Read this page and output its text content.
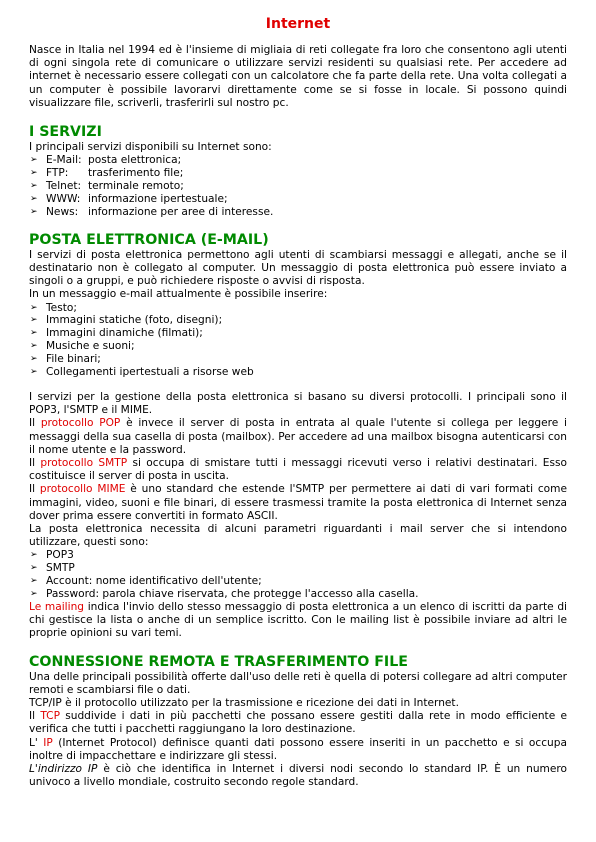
Internet

Nasce in Italia nel 1994 ed è l'insieme di migliaia di reti collegate fra loro che consentono agli utenti di ogni singola rete di comunicare o utilizzare servizi residenti su qualsiasi rete. Per accedere ad internet è necessario essere collegati con un calcolatore che fa parte della rete. Una volta collegati a un computer è possibile lavorarvi direttamente come se si fosse in locale. Si possono quindi visualizzare file, scriverli, trasferirli sul nostro pc.

I SERVIZI

I principali servizi disponibili su Internet sono:

➢ E-Mail: posta elettronica;
➢ FTP: trasferimento file;
➢ Telnet: terminale remoto;
➢ WWW: informazione ipertestuale;
➢ News: informazione per aree di interesse.
POSTA ELETTRONICA (E-MAIL)

I servizi di posta elettronica permettono agli utenti di scambiarsi messaggi e allegati, anche se il destinatario non è collegato al computer. Un messaggio di posta elettronica può essere inviato a singoli o a gruppi, e può richiedere risposte o avvisi di risposta.

In un messaggio e-mail attualmente è possibile inserire:

➢ Testo;
➢ Immagini statiche (foto, disegni);
➢ Immagini dinamiche (filmati);
➢ Musiche e suoni;
➢ File binari;
➢ Collegamenti ipertestuali a risorse web

I servizi per la gestione della posta elettronica si basano su diversi protocolli. I principali sono il POP3, l'SMTP e il MIME.

Il protocollo POP è invece il server di posta in entrata al quale l'utente si collega per leggere i messaggi della sua casella di posta (mailbox). Per accedere ad una mailbox bisogna autenticarsi con il nome utente e la password.

Il protocollo SMTP si occupa di smistare tutti i messaggi ricevuti verso i relativi destinatari. Esso costituisce il server di posta in uscita.

Il protocollo MIME è uno standard che estende l'SMTP per permettere ai dati di vari formati come immagini, video, suoni e file binari, di essere trasmessi tramite la posta elettronica di Internet senza dover prima essere convertiti in formato ASCII.

La posta elettronica necessita di alcuni parametri riguardanti i mail server che si intendono utilizzare, questi sono:

➢ POP3
➢ SMTP
➢ Account: nome identificativo dell'utente;
➢ Password: parola chiave riservata, che protegge l'accesso alla casella.

Le mailing indica l'invio dello stesso messaggio di posta elettronica a un elenco di iscritti da parte di chi gestisce la lista o anche di un semplice iscritto. Con le mailing list è possibile inviare ad altri le proprie opinioni su vari temi.

CONNESSIONE REMOTA E TRASFERIMENTO FILE

Una delle principali possibilità offerte dall'uso delle reti è quella di potersi collegare ad altri computer remoti e scambiarsi file o dati.

TCP/IP è il protocollo utilizzato per la trasmissione e ricezione dei dati in Internet.

Il TCP suddivide i dati in più pacchetti che possano essere gestiti dalla rete in modo efficiente e verifica che tutti i pacchetti raggiungano la loro destinazione.

L' IP (Internet Protocol) definisce quanti dati possono essere inseriti in un pacchetto e si occupa inoltre di impacchettare e indirizzare gli stessi.

L'indirizzo IP è ciò che identifica in Internet i diversi nodi secondo lo standard IP. È un numero univoco a livello mondiale, costruito secondo regole standard.
